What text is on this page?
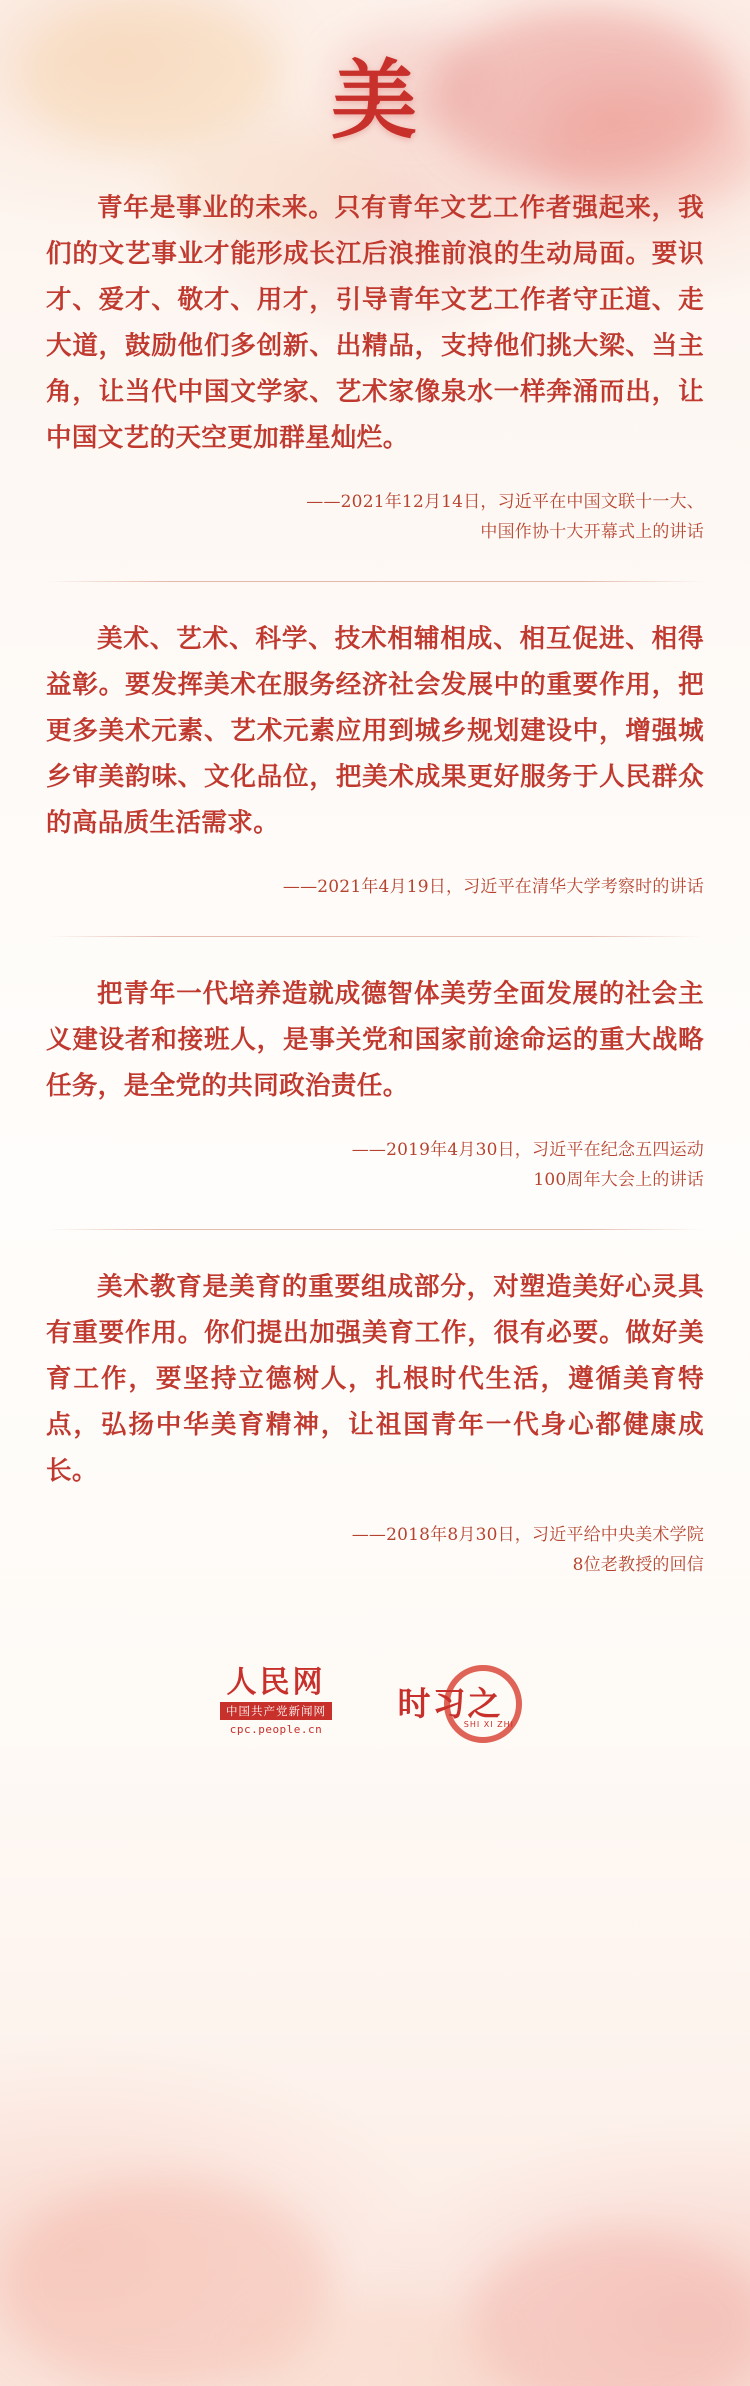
美
青年是事业的未来。只有青年文艺工作者强起来，我们的文艺事业才能形成长江后浪推前浪的生动局面。要识才、爱才、敬才、用才，引导青年文艺工作者守正道、走大道，鼓励他们多创新、出精品，支持他们挑大梁、当主角，让当代中国文学家、艺术家像泉水一样奔涌而出，让中国文艺的天空更加群星灿烂。
——2021年12月14日，习近平在中国文联十一大、
中国作协十大开幕式上的讲话
美术、艺术、科学、技术相辅相成、相互促进、相得益彰。要发挥美术在服务经济社会发展中的重要作用，把更多美术元素、艺术元素应用到城乡规划建设中，增强城乡审美韵味、文化品位，把美术成果更好服务于人民群众的高品质生活需求。
——2021年4月19日，习近平在清华大学考察时的讲话
把青年一代培养造就成德智体美劳全面发展的社会主义建设者和接班人，是事关党和国家前途命运的重大战略任务，是全党的共同政治责任。
——2019年4月30日，习近平在纪念五四运动
100周年大会上的讲话
美术教育是美育的重要组成部分，对塑造美好心灵具有重要作用。你们提出加强美育工作，很有必要。做好美育工作，要坚持立德树人，扎根时代生活，遵循美育特点，弘扬中华美育精神，让祖国青年一代身心都健康成长。
——2018年8月30日，习近平给中央美术学院
8位老教授的回信
人民网
中国共产党新闻网
cpc.people.cn
时习之
SHI XI ZHI
